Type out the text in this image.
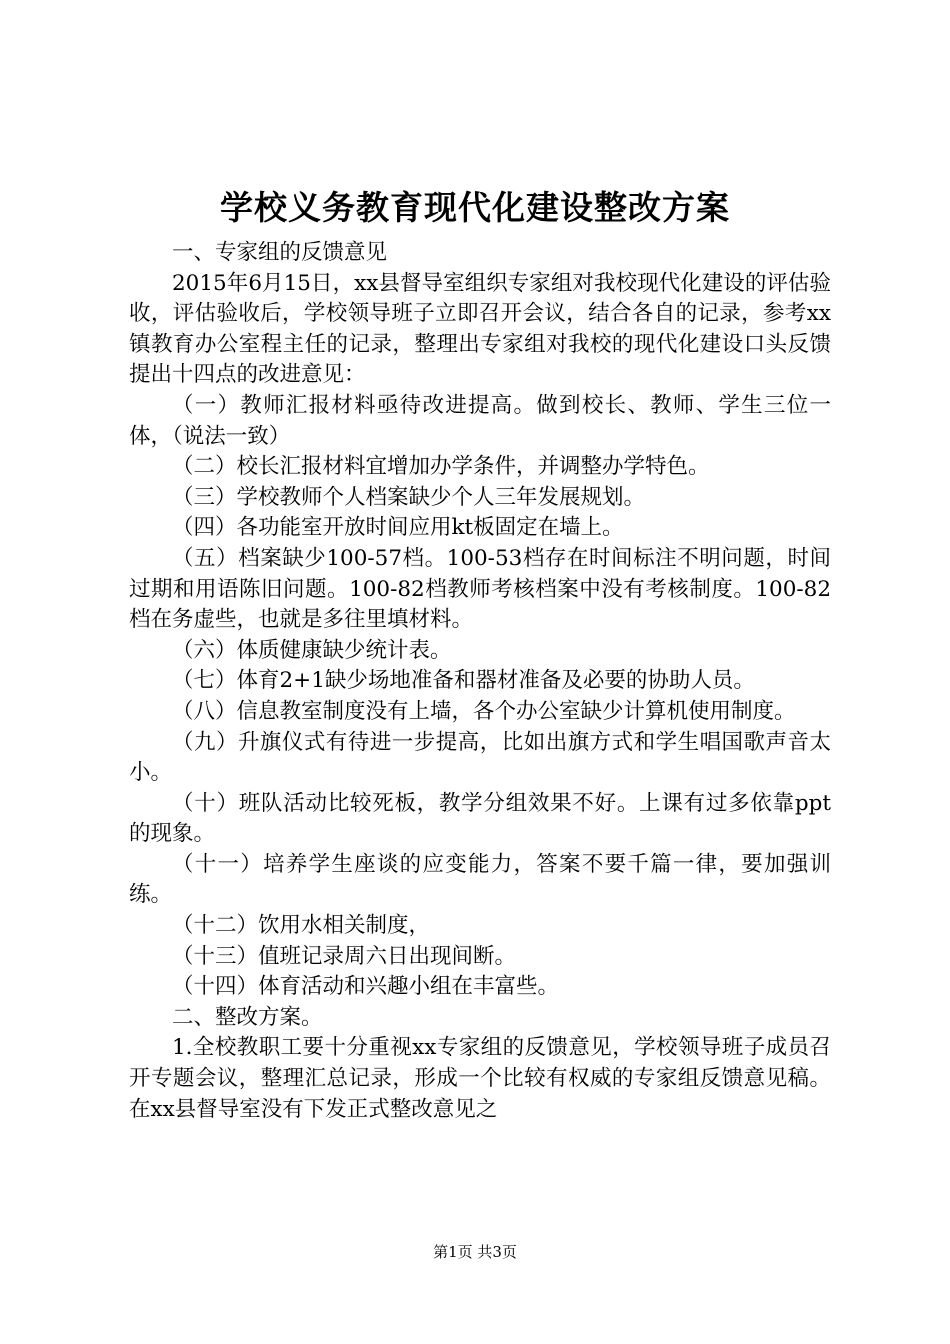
学校义务教育现代化建设整改方案

一、专家组的反馈意见

2015年6月15日，xx县督导室组织专家组对我校现代化建设的评估验收，评估验收后，学校领导班子立即召开会议，结合各自的记录，参考xx镇教育办公室程主任的记录，整理出专家组对我校的现代化建设口头反馈提出十四点的改进意见：

（一）教师汇报材料亟待改进提高。做到校长、教师、学生三位一体，（说法一致）

（二）校长汇报材料宜增加办学条件，并调整办学特色。

（三）学校教师个人档案缺少个人三年发展规划。

（四）各功能室开放时间应用kt板固定在墙上。

（五）档案缺少100-57档。100-53档存在时间标注不明问题，时间过期和用语陈旧问题。100-82档教师考核档案中没有考核制度。100-82档在务虚些，也就是多往里填材料。

（六）体质健康缺少统计表。

（七）体育2+1缺少场地准备和器材准备及必要的协助人员。

（八）信息教室制度没有上墙，各个办公室缺少计算机使用制度。

（九）升旗仪式有待进一步提高，比如出旗方式和学生唱国歌声音太小。

（十）班队活动比较死板，教学分组效果不好。上课有过多依靠ppt的现象。

（十一）培养学生座谈的应变能力，答案不要千篇一律，要加强训练。

（十二）饮用水相关制度，

（十三）值班记录周六日出现间断。

（十四）体育活动和兴趣小组在丰富些。

二、整改方案。

1.全校教职工要十分重视xx专家组的反馈意见，学校领导班子成员召开专题会议，整理汇总记录，形成一个比较有权威的专家组反馈意见稿。在xx县督导室没有下发正式整改意见之

第1页 共3页
